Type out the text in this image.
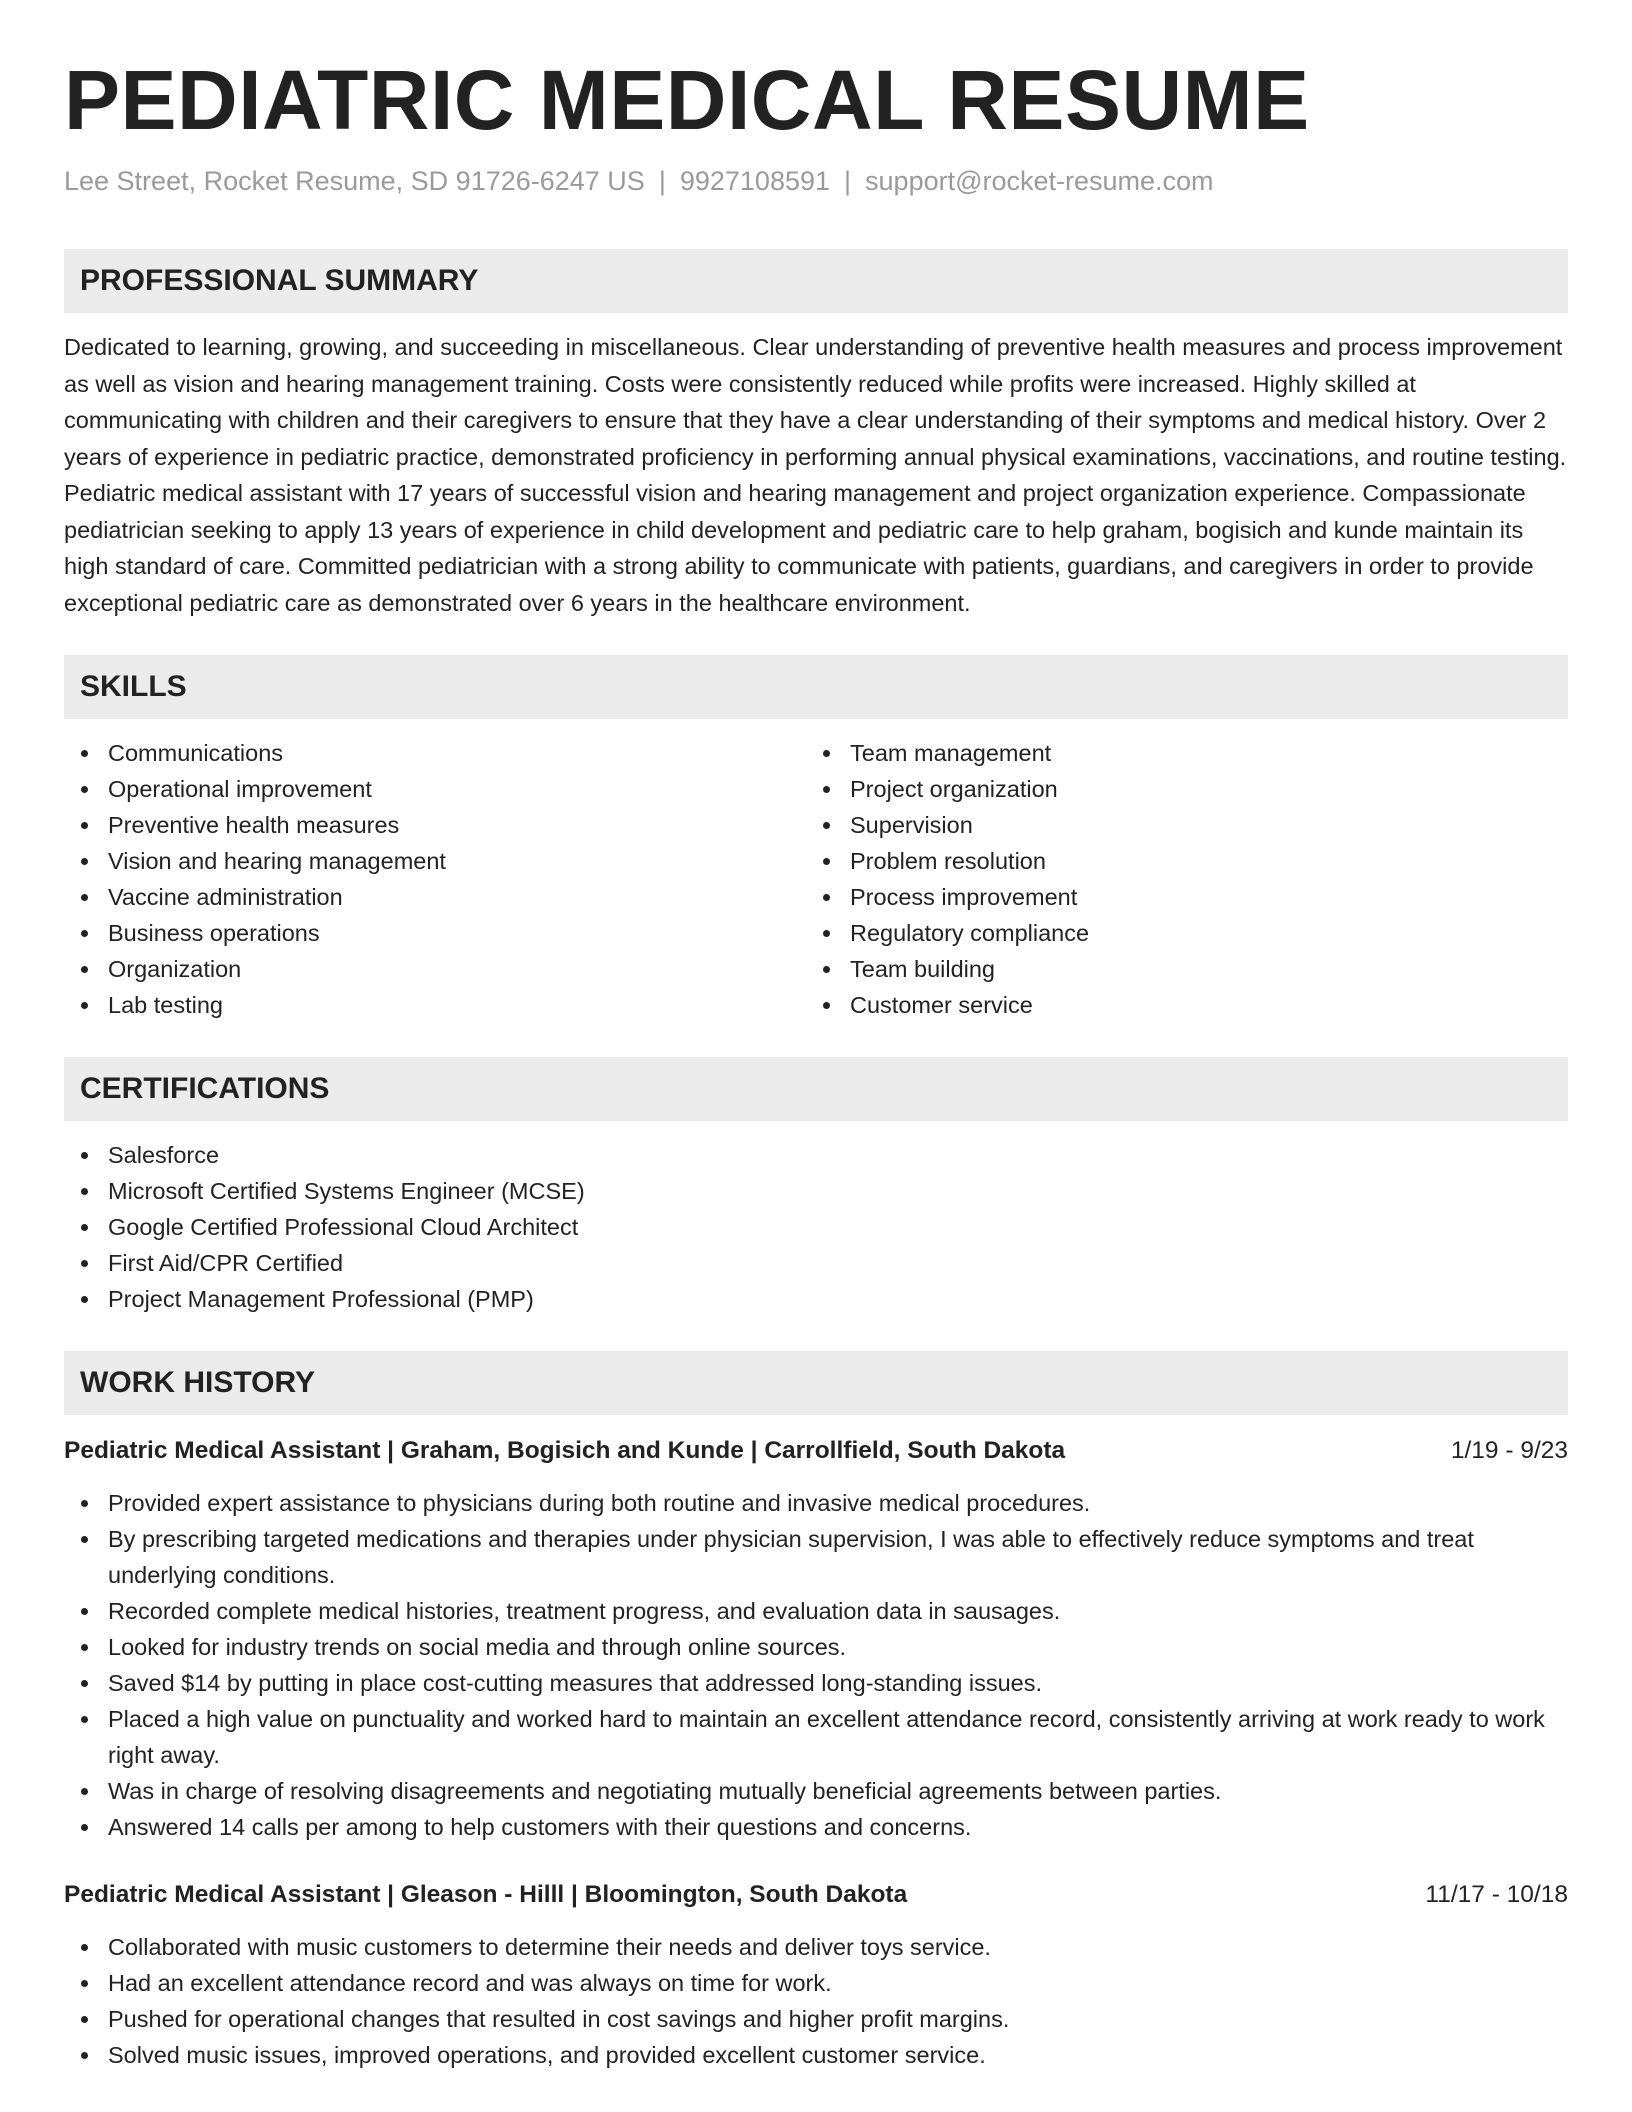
PEDIATRIC MEDICAL RESUME
Lee Street, Rocket Resume, SD 91726-6247 US | 9927108591 | support@rocket-resume.com
PROFESSIONAL SUMMARY

Dedicated to learning, growing, and succeeding in miscellaneous. Clear understanding of preventive health measures and process improvement as well as vision and hearing management training. Costs were consistently reduced while profits were increased. Highly skilled at communicating with children and their caregivers to ensure that they have a clear understanding of their symptoms and medical history. Over 2 years of experience in pediatric practice, demonstrated proficiency in performing annual physical examinations, vaccinations, and routine testing. Pediatric medical assistant with 17 years of successful vision and hearing management and project organization experience. Compassionate pediatrician seeking to apply 13 years of experience in child development and pediatric care to help graham, bogisich and kunde maintain its high standard of care. Committed pediatrician with a strong ability to communicate with patients, guardians, and caregivers in order to provide exceptional pediatric care as demonstrated over 6 years in the healthcare environment.

SKILLS
Communications
Operational improvement
Preventive health measures
Vision and hearing management
Vaccine administration
Business operations
Organization
Lab testing
Team management
Project organization
Supervision
Problem resolution
Process improvement
Regulatory compliance
Team building
Customer service
CERTIFICATIONS
Salesforce
Microsoft Certified Systems Engineer (MCSE)
Google Certified Professional Cloud Architect
First Aid/CPR Certified
Project Management Professional (PMP)
WORK HISTORY
Pediatric Medical Assistant | Graham, Bogisich and Kunde | Carrollfield, South Dakota	1/19 - 9/23
Provided expert assistance to physicians during both routine and invasive medical procedures.
By prescribing targeted medications and therapies under physician supervision, I was able to effectively reduce symptoms and treat underlying conditions.
Recorded complete medical histories, treatment progress, and evaluation data in sausages.
Looked for industry trends on social media and through online sources.
Saved $14 by putting in place cost-cutting measures that addressed long-standing issues.
Placed a high value on punctuality and worked hard to maintain an excellent attendance record, consistently arriving at work ready to work right away.
Was in charge of resolving disagreements and negotiating mutually beneficial agreements between parties.
Answered 14 calls per among to help customers with their questions and concerns.
Pediatric Medical Assistant | Gleason - Hilll | Bloomington, South Dakota	11/17 - 10/18
Collaborated with music customers to determine their needs and deliver toys service.
Had an excellent attendance record and was always on time for work.
Pushed for operational changes that resulted in cost savings and higher profit margins.
Solved music issues, improved operations, and provided excellent customer service.
